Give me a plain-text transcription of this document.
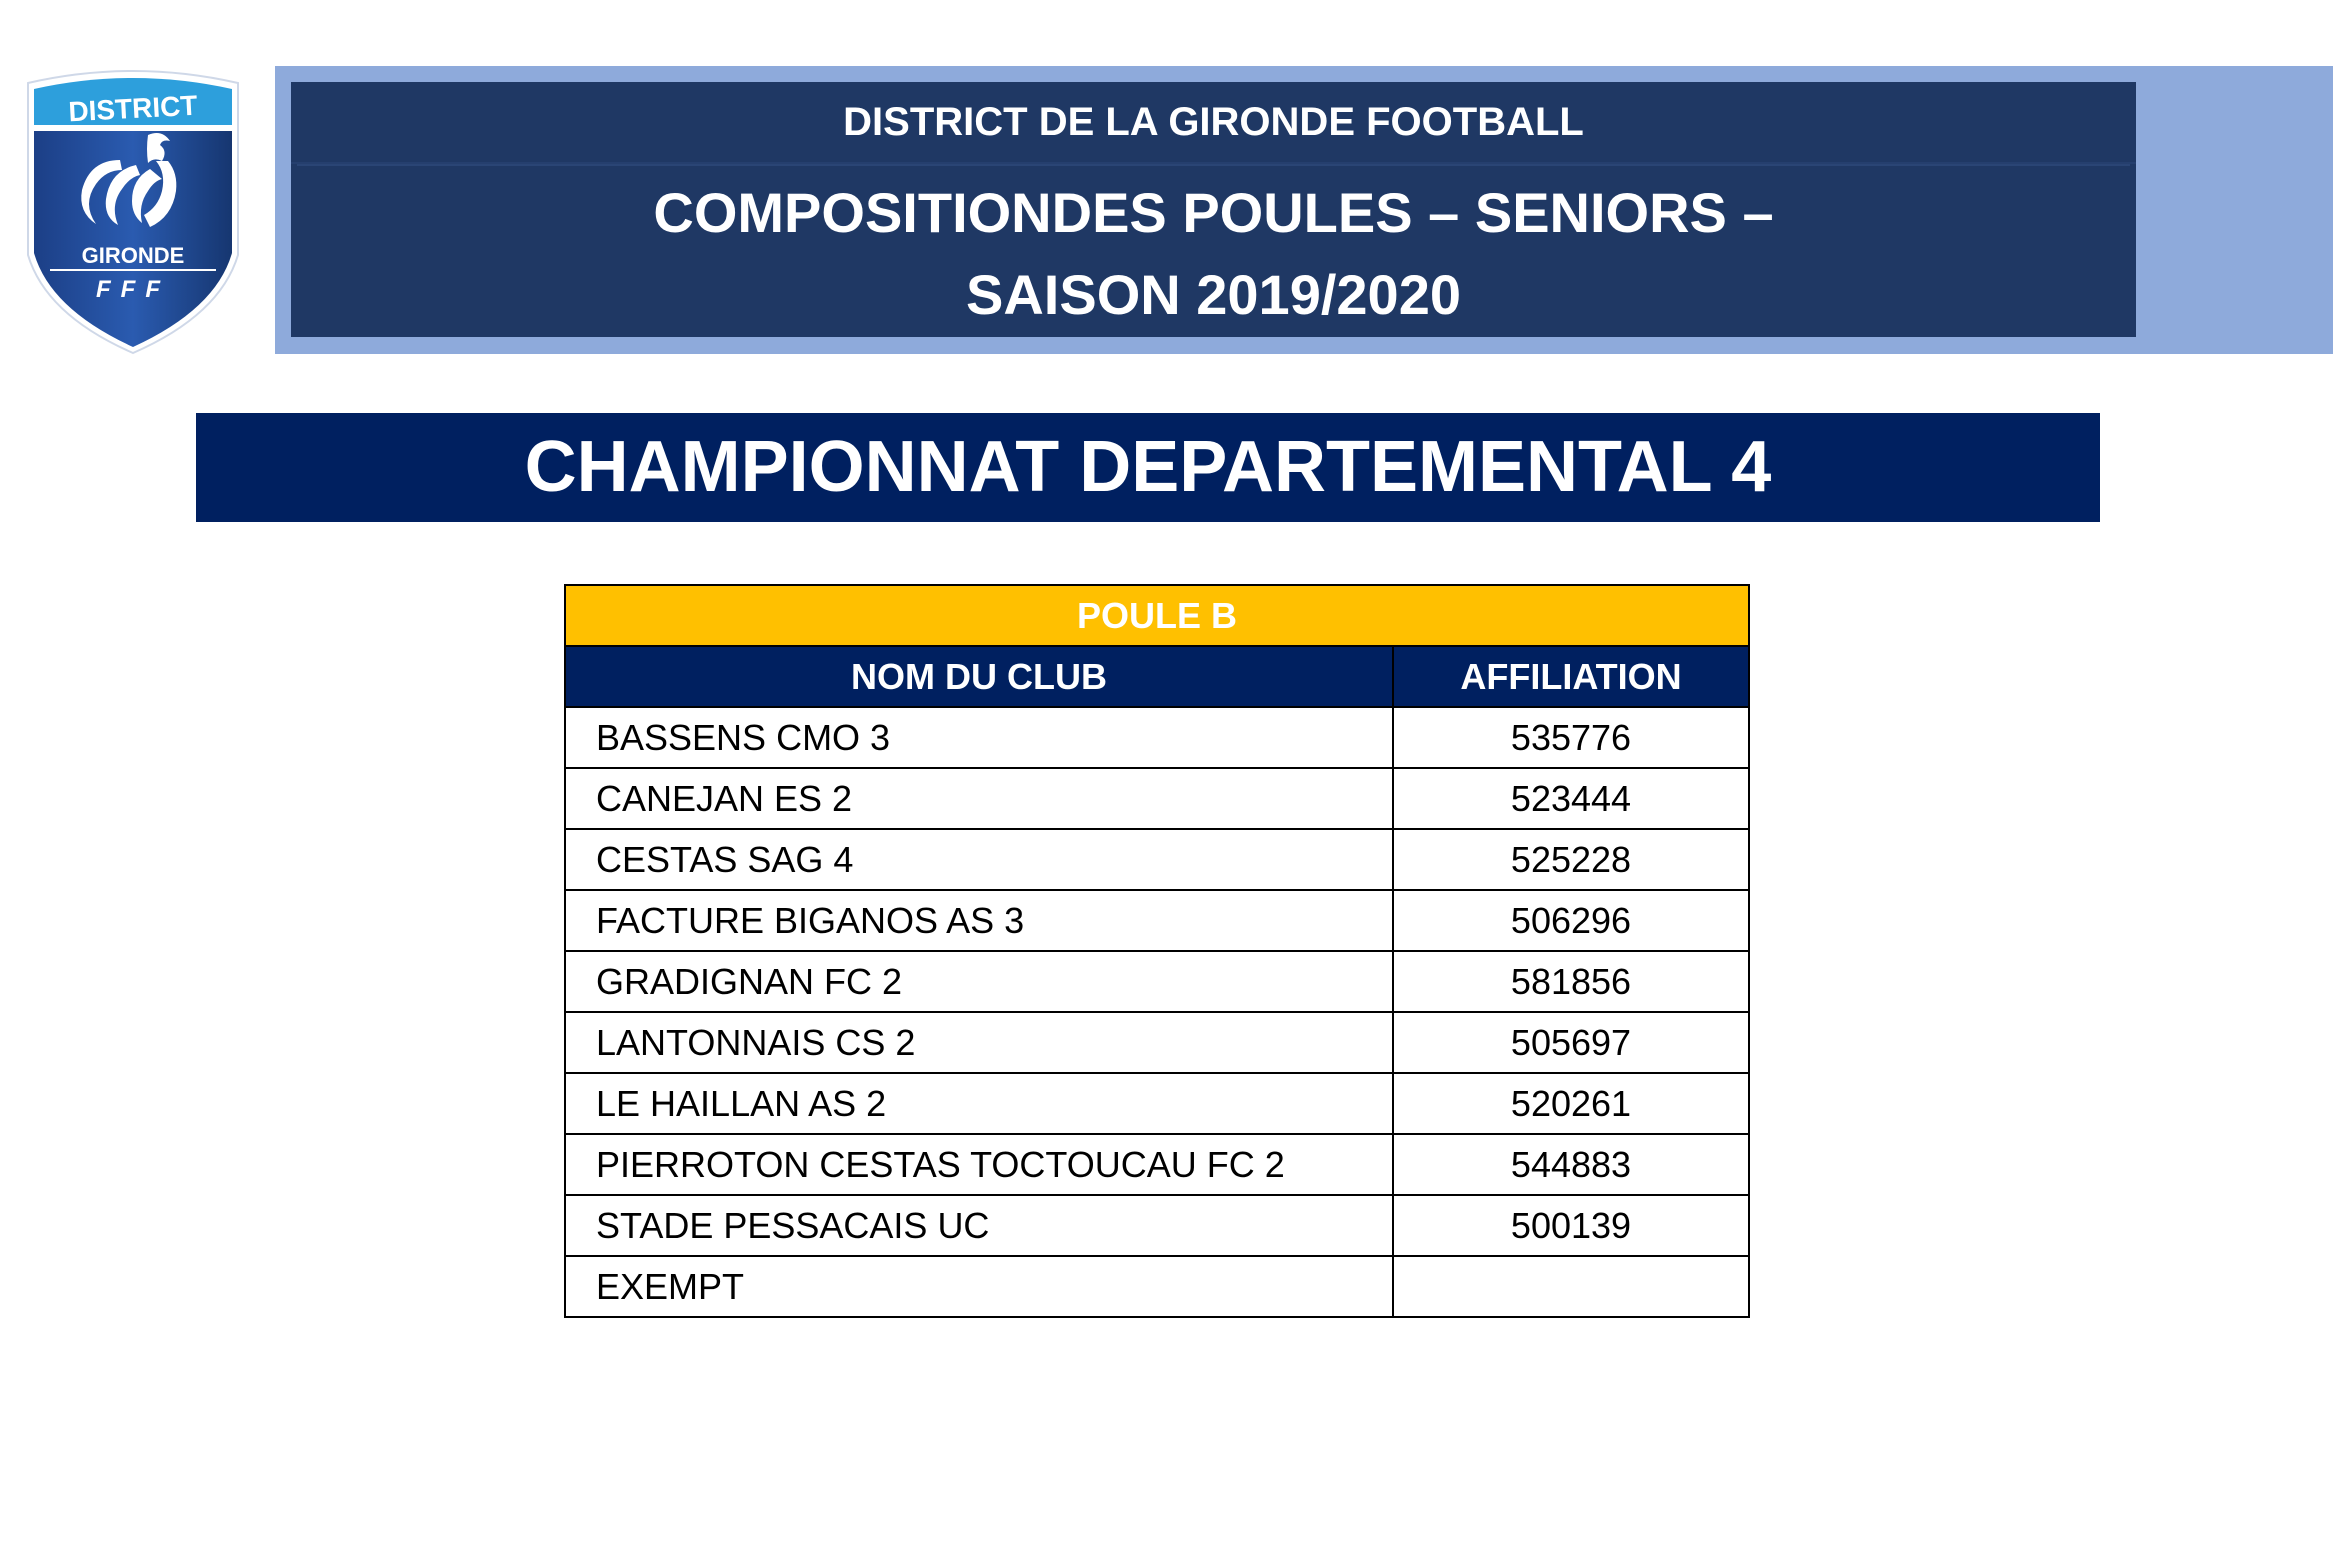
DISTRICT
GIRONDE
FFF
DISTRICT DE LA GIRONDE FOOTBALL
COMPOSITIONDES POULES – SENIORS –
SAISON 2019/2020
CHAMPIONNAT DEPARTEMENTAL 4
POULE B	
NOM DU CLUB	AFFILIATION
BASSENS CMO 3	535776
CANEJAN ES 2	523444
CESTAS SAG 4	525228
FACTURE BIGANOS AS 3	506296
GRADIGNAN FC 2	581856
LANTONNAIS CS 2	505697
LE HAILLAN AS 2	520261
PIERROTON CESTAS TOCTOUCAU FC 2	544883
STADE PESSACAIS UC	500139
EXEMPT	
